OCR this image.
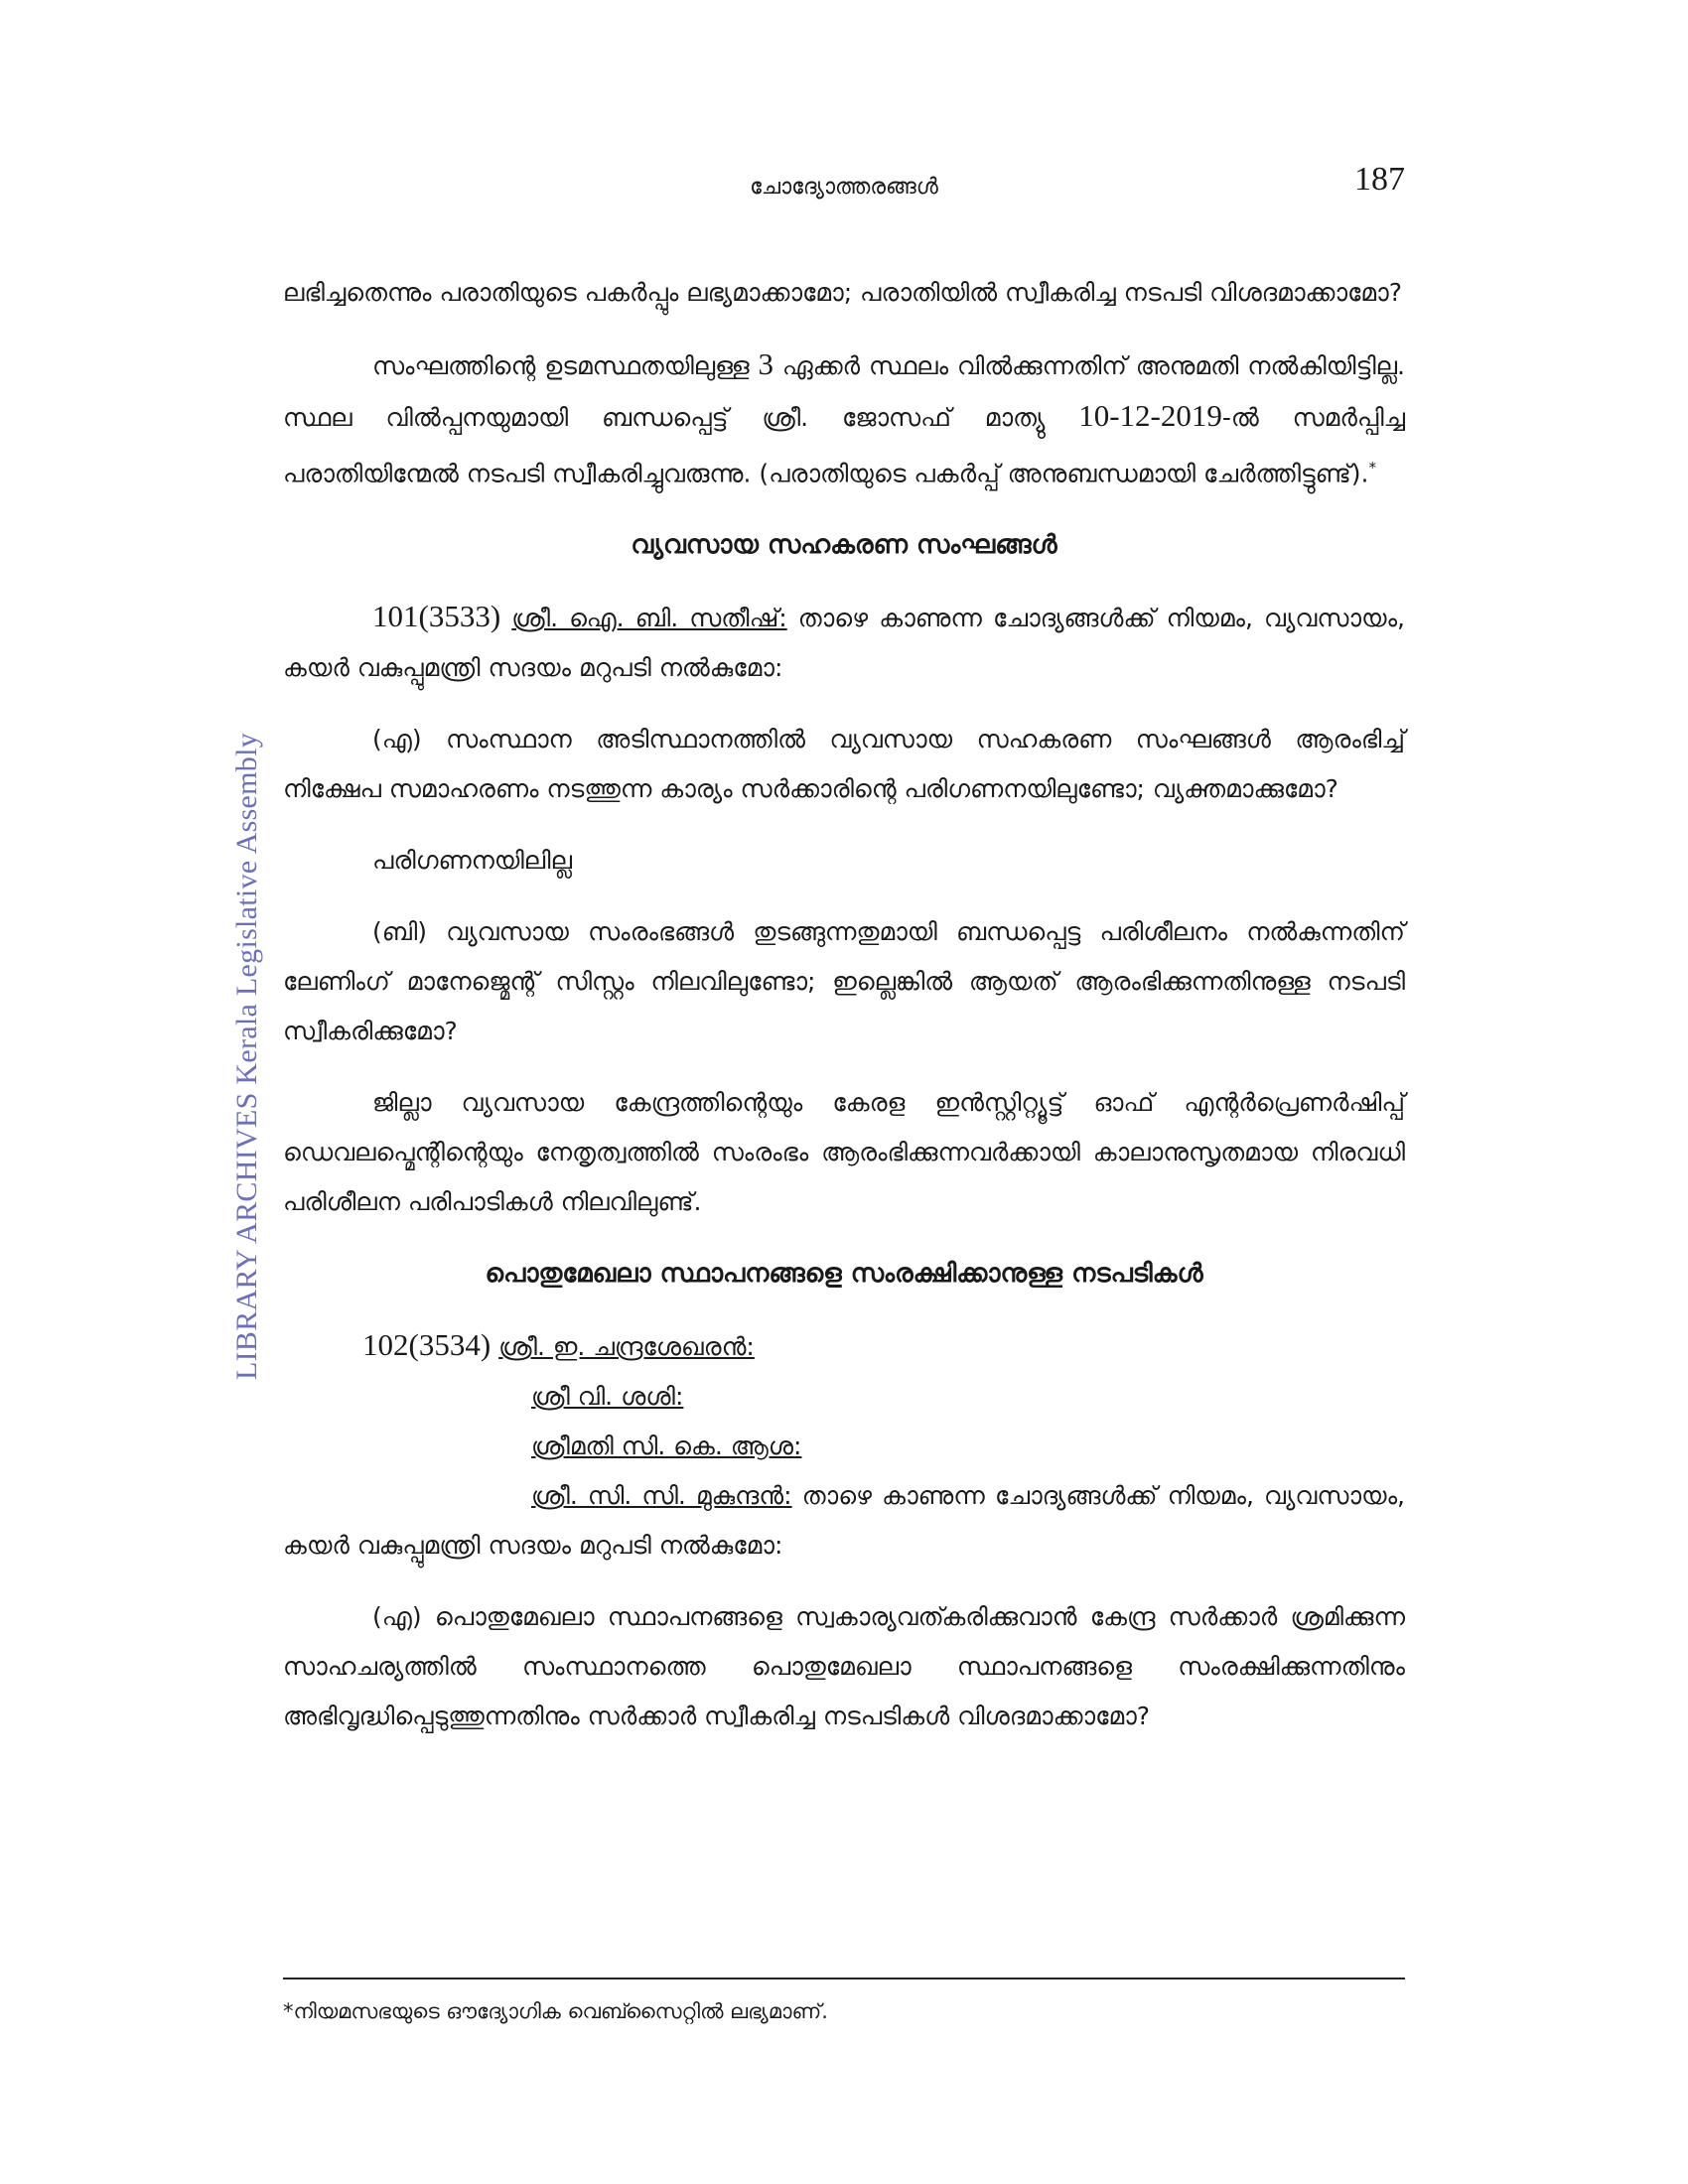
ചോദ്യോത്തരങ്ങൾ	187
LIBRARY ARCHIVES Kerala Legislative Assembly

ലഭിച്ചതെന്നും പരാതിയുടെ പകർപ്പും ലഭ്യമാക്കാമോ; പരാതിയിൽ സ്വീകരിച്ച നടപടി വിശദമാക്കാമോ?

സംഘത്തിന്റെ ഉടമസ്ഥതയിലുള്ള 3 ഏക്കർ സ്ഥലം വിൽക്കുന്നതിന് അനുമതി നൽകിയിട്ടില്ല. സ്ഥല വിൽപ്പനയുമായി ബന്ധപ്പെട്ട് ശ്രീ. ജോസഫ് മാത്യു 10-12-2019-ൽ സമർപ്പിച്ച പരാതിയിന്മേൽ നടപടി സ്വീകരിച്ചുവരുന്നു. (പരാതിയുടെ പകർപ്പ് അനുബന്ധമായി ചേർത്തിട്ടുണ്ട്).*

വ്യവസായ സഹകരണ സംഘങ്ങൾ

101(3533) ശ്രീ. ഐ. ബി. സതീഷ്: താഴെ കാണുന്ന ചോദ്യങ്ങൾക്ക് നിയമം, വ്യവസായം, കയർ വകുപ്പുമന്ത്രി സദയം മറുപടി നൽകുമോ:

(എ) സംസ്ഥാന അടിസ്ഥാനത്തിൽ വ്യവസായ സഹകരണ സംഘങ്ങൾ ആരംഭിച്ച് നിക്ഷേപ സമാഹരണം നടത്തുന്ന കാര്യം സർക്കാരിന്റെ പരിഗണനയിലുണ്ടോ; വ്യക്തമാക്കുമോ?

പരിഗണനയിലില്ല

(ബി) വ്യവസായ സംരംഭങ്ങൾ തുടങ്ങുന്നതുമായി ബന്ധപ്പെട്ട പരിശീലനം നൽകുന്നതിന് ലേണിംഗ് മാനേജ്മെന്റ് സിസ്റ്റം നിലവിലുണ്ടോ; ഇല്ലെങ്കിൽ ആയത് ആരംഭിക്കുന്നതിനുള്ള നടപടി സ്വീകരിക്കുമോ?

ജില്ലാ വ്യവസായ കേന്ദ്രത്തിന്റെയും കേരള ഇൻസ്റ്റിറ്റ്യൂട്ട് ഓഫ് എന്റർപ്രെണർഷിപ്പ് ഡെവലപ്മെന്റിന്റെയും നേതൃത്വത്തിൽ സംരംഭം ആരംഭിക്കുന്നവർക്കായി കാലാനുസൃതമായ നിരവധി പരിശീലന പരിപാടികൾ നിലവിലുണ്ട്.

പൊതുമേഖലാ സ്ഥാപനങ്ങളെ സംരക്ഷിക്കാനുള്ള നടപടികൾ

102(3534) ശ്രീ. ഇ. ചന്ദ്രശേഖരൻ:

ശ്രീ വി. ശശി:

ശ്രീമതി സി. കെ. ആശ:

ശ്രീ. സി. സി. മുകുന്ദൻ: താഴെ കാണുന്ന ചോദ്യങ്ങൾക്ക് നിയമം, വ്യവസായം, കയർ വകുപ്പുമന്ത്രി സദയം മറുപടി നൽകുമോ:

(എ) പൊതുമേഖലാ സ്ഥാപനങ്ങളെ സ്വകാര്യവത്കരിക്കുവാൻ കേന്ദ്ര സർക്കാർ ശ്രമിക്കുന്ന സാഹചര്യത്തിൽ സംസ്ഥാനത്തെ പൊതുമേഖലാ സ്ഥാപനങ്ങളെ സംരക്ഷിക്കുന്നതിനും അഭിവൃദ്ധിപ്പെടുത്തുന്നതിനും സർക്കാർ സ്വീകരിച്ച നടപടികൾ വിശദമാക്കാമോ?

*നിയമസഭയുടെ ഔദ്യോഗിക വെബ്സൈറ്റിൽ ലഭ്യമാണ്.
